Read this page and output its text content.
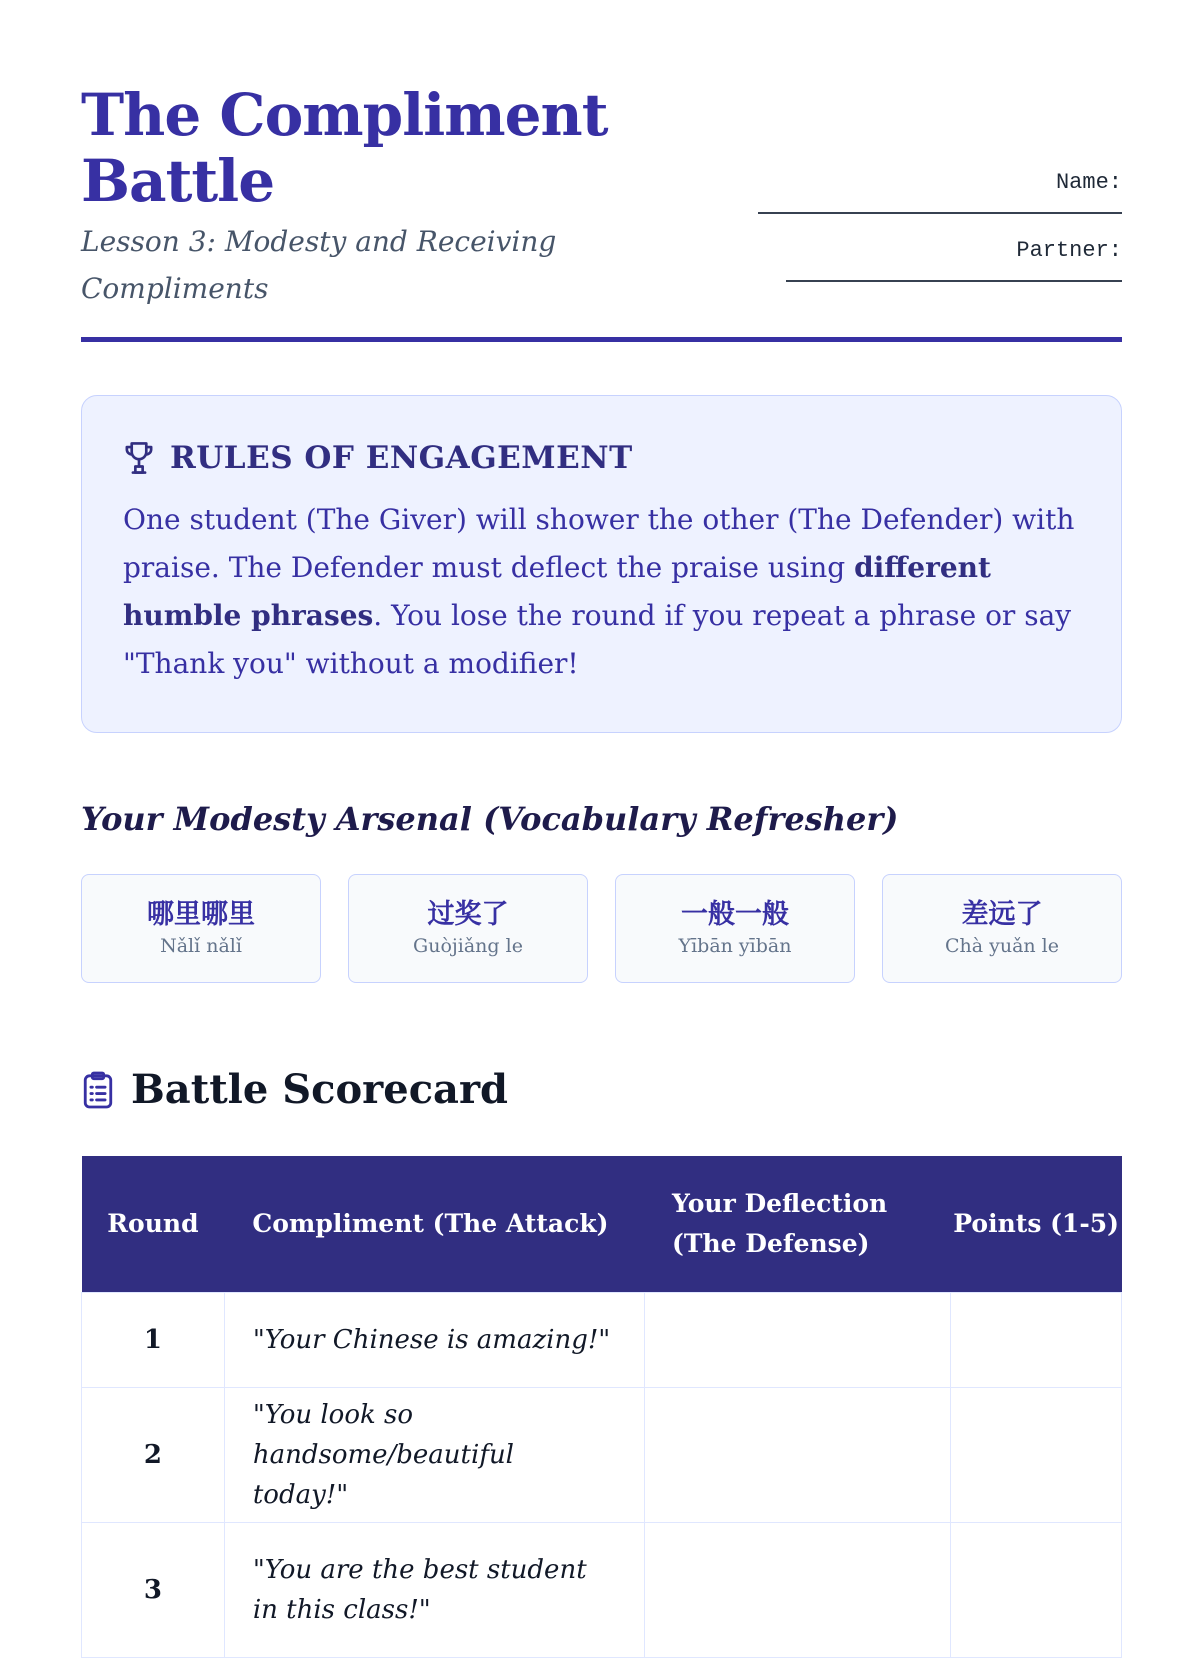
The Compliment Battle
Lesson 3: Modesty and Receiving Compliments
Name:
Partner:
RULES OF ENGAGEMENT

One student (The Giver) will shower the other (The Defender) with praise. The Defender must deflect the praise using different humble phrases. You lose the round if you repeat a phrase or say "Thank you" without a modifier!

Your Modesty Arsenal (Vocabulary Refresher)
哪里哪里
Nǎlǐ nǎlǐ
过奖了
Guòjiǎng le
一般一般
Yībān yībān
差远了
Chà yuǎn le
Battle Scorecard
Round	Compliment (The Attack)	Your Deflection (The Defense)	Points (1-5)
1	"Your Chinese is amazing!"		
2	"You look so handsome/beautiful today!"		
3	"You are the best student in this class!"		
